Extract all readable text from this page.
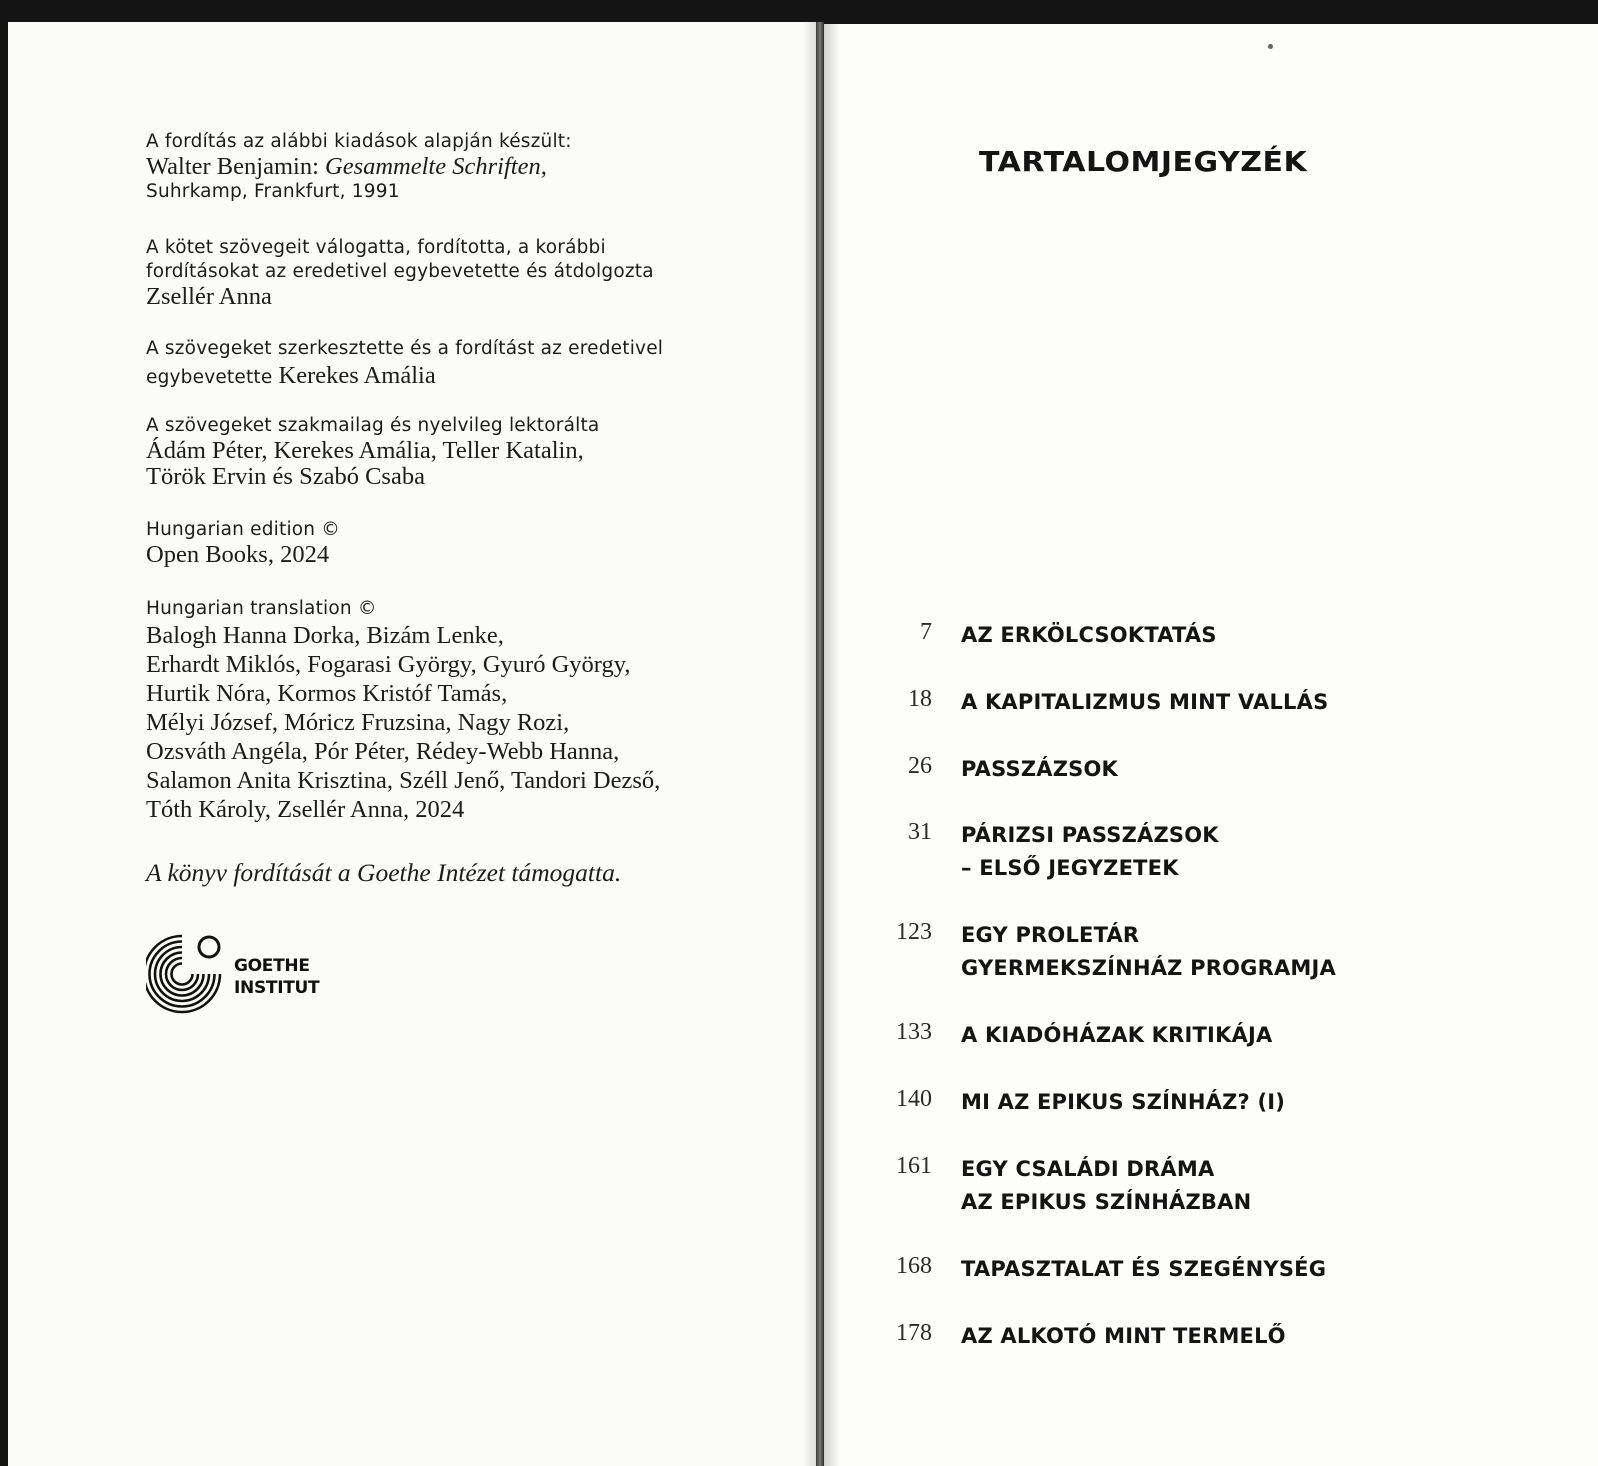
A fordítás az alábbi kiadások alapján készült:
Walter Benjamin: Gesammelte Schriften,
Suhrkamp, Frankfurt, 1991
A kötet szövegeit válogatta, fordította, a korábbi
fordításokat az eredetivel egybevetette és átdolgozta
Zsellér Anna
A szövegeket szerkesztette és a fordítást az eredetivel
egybevetette Kerekes Amália
A szövegeket szakmailag és nyelvileg lektorálta
Ádám Péter, Kerekes Amália, Teller Katalin,
Török Ervin és Szabó Csaba
Hungarian edition ©
Open Books, 2024
Hungarian translation ©
Balogh Hanna Dorka, Bizám Lenke,
Erhardt Miklós, Fogarasi György, Gyuró György,
Hurtik Nóra, Kormos Kristóf Tamás,
Mélyi József, Móricz Fruzsina, Nagy Rozi,
Ozsváth Angéla, Pór Péter, Rédey-Webb Hanna,
Salamon Anita Krisztina, Széll Jenő, Tandori Dezső,
Tóth Károly, Zsellér Anna, 2024
A könyv fordítását a Goethe Intézet támogatta.
GOETHE
INSTITUT
TARTALOMJEGYZÉK
7 AZ ERKÖLCSOKTATÁS
18 A KAPITALIZMUS MINT VALLÁS
26 PASSZÁZSOK
31 PÁRIZSI PASSZÁZSOK
– ELSŐ JEGYZETEK
123 EGY PROLETÁR
GYERMEKSZÍNHÁZ PROGRAMJA
133 A KIADÓHÁZAK KRITIKÁJA
140 MI AZ EPIKUS SZÍNHÁZ? (I)
161 EGY CSALÁDI DRÁMA
AZ EPIKUS SZÍNHÁZBAN
168 TAPASZTALAT ÉS SZEGÉNYSÉG
178 AZ ALKOTÓ MINT TERMELŐ
